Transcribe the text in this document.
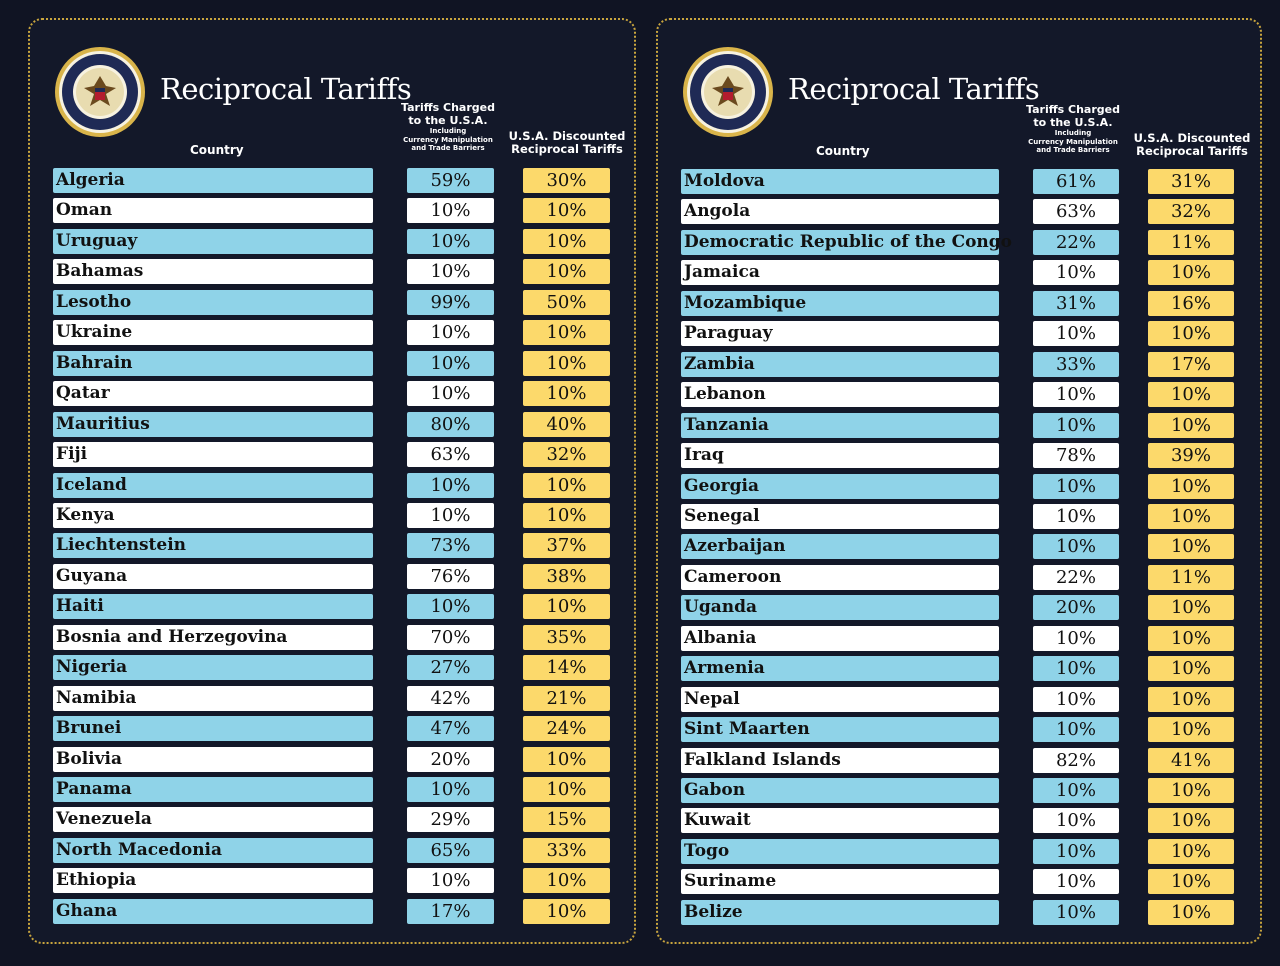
Reciprocal Tariffs
Country
Tariffs Charged
to the U.S.A.
Including
Currency Manipulation
and Trade Barriers
U.S.A. Discounted
Reciprocal Tariffs
Algeria	59%	30%
Oman	10%	10%
Uruguay	10%	10%
Bahamas	10%	10%
Lesotho	99%	50%
Ukraine	10%	10%
Bahrain	10%	10%
Qatar	10%	10%
Mauritius	80%	40%
Fiji	63%	32%
Iceland	10%	10%
Kenya	10%	10%
Liechtenstein	73%	37%
Guyana	76%	38%
Haiti	10%	10%
Bosnia and Herzegovina	70%	35%
Nigeria	27%	14%
Namibia	42%	21%
Brunei	47%	24%
Bolivia	20%	10%
Panama	10%	10%
Venezuela	29%	15%
North Macedonia	65%	33%
Ethiopia	10%	10%
Ghana	17%	10%
Reciprocal Tariffs
Country
Tariffs Charged
to the U.S.A.
Including
Currency Manipulation
and Trade Barriers
U.S.A. Discounted
Reciprocal Tariffs
Moldova	61%	31%
Angola	63%	32%
Democratic Republic of the Congo	22%	11%
Jamaica	10%	10%
Mozambique	31%	16%
Paraguay	10%	10%
Zambia	33%	17%
Lebanon	10%	10%
Tanzania	10%	10%
Iraq	78%	39%
Georgia	10%	10%
Senegal	10%	10%
Azerbaijan	10%	10%
Cameroon	22%	11%
Uganda	20%	10%
Albania	10%	10%
Armenia	10%	10%
Nepal	10%	10%
Sint Maarten	10%	10%
Falkland Islands	82%	41%
Gabon	10%	10%
Kuwait	10%	10%
Togo	10%	10%
Suriname	10%	10%
Belize	10%	10%
